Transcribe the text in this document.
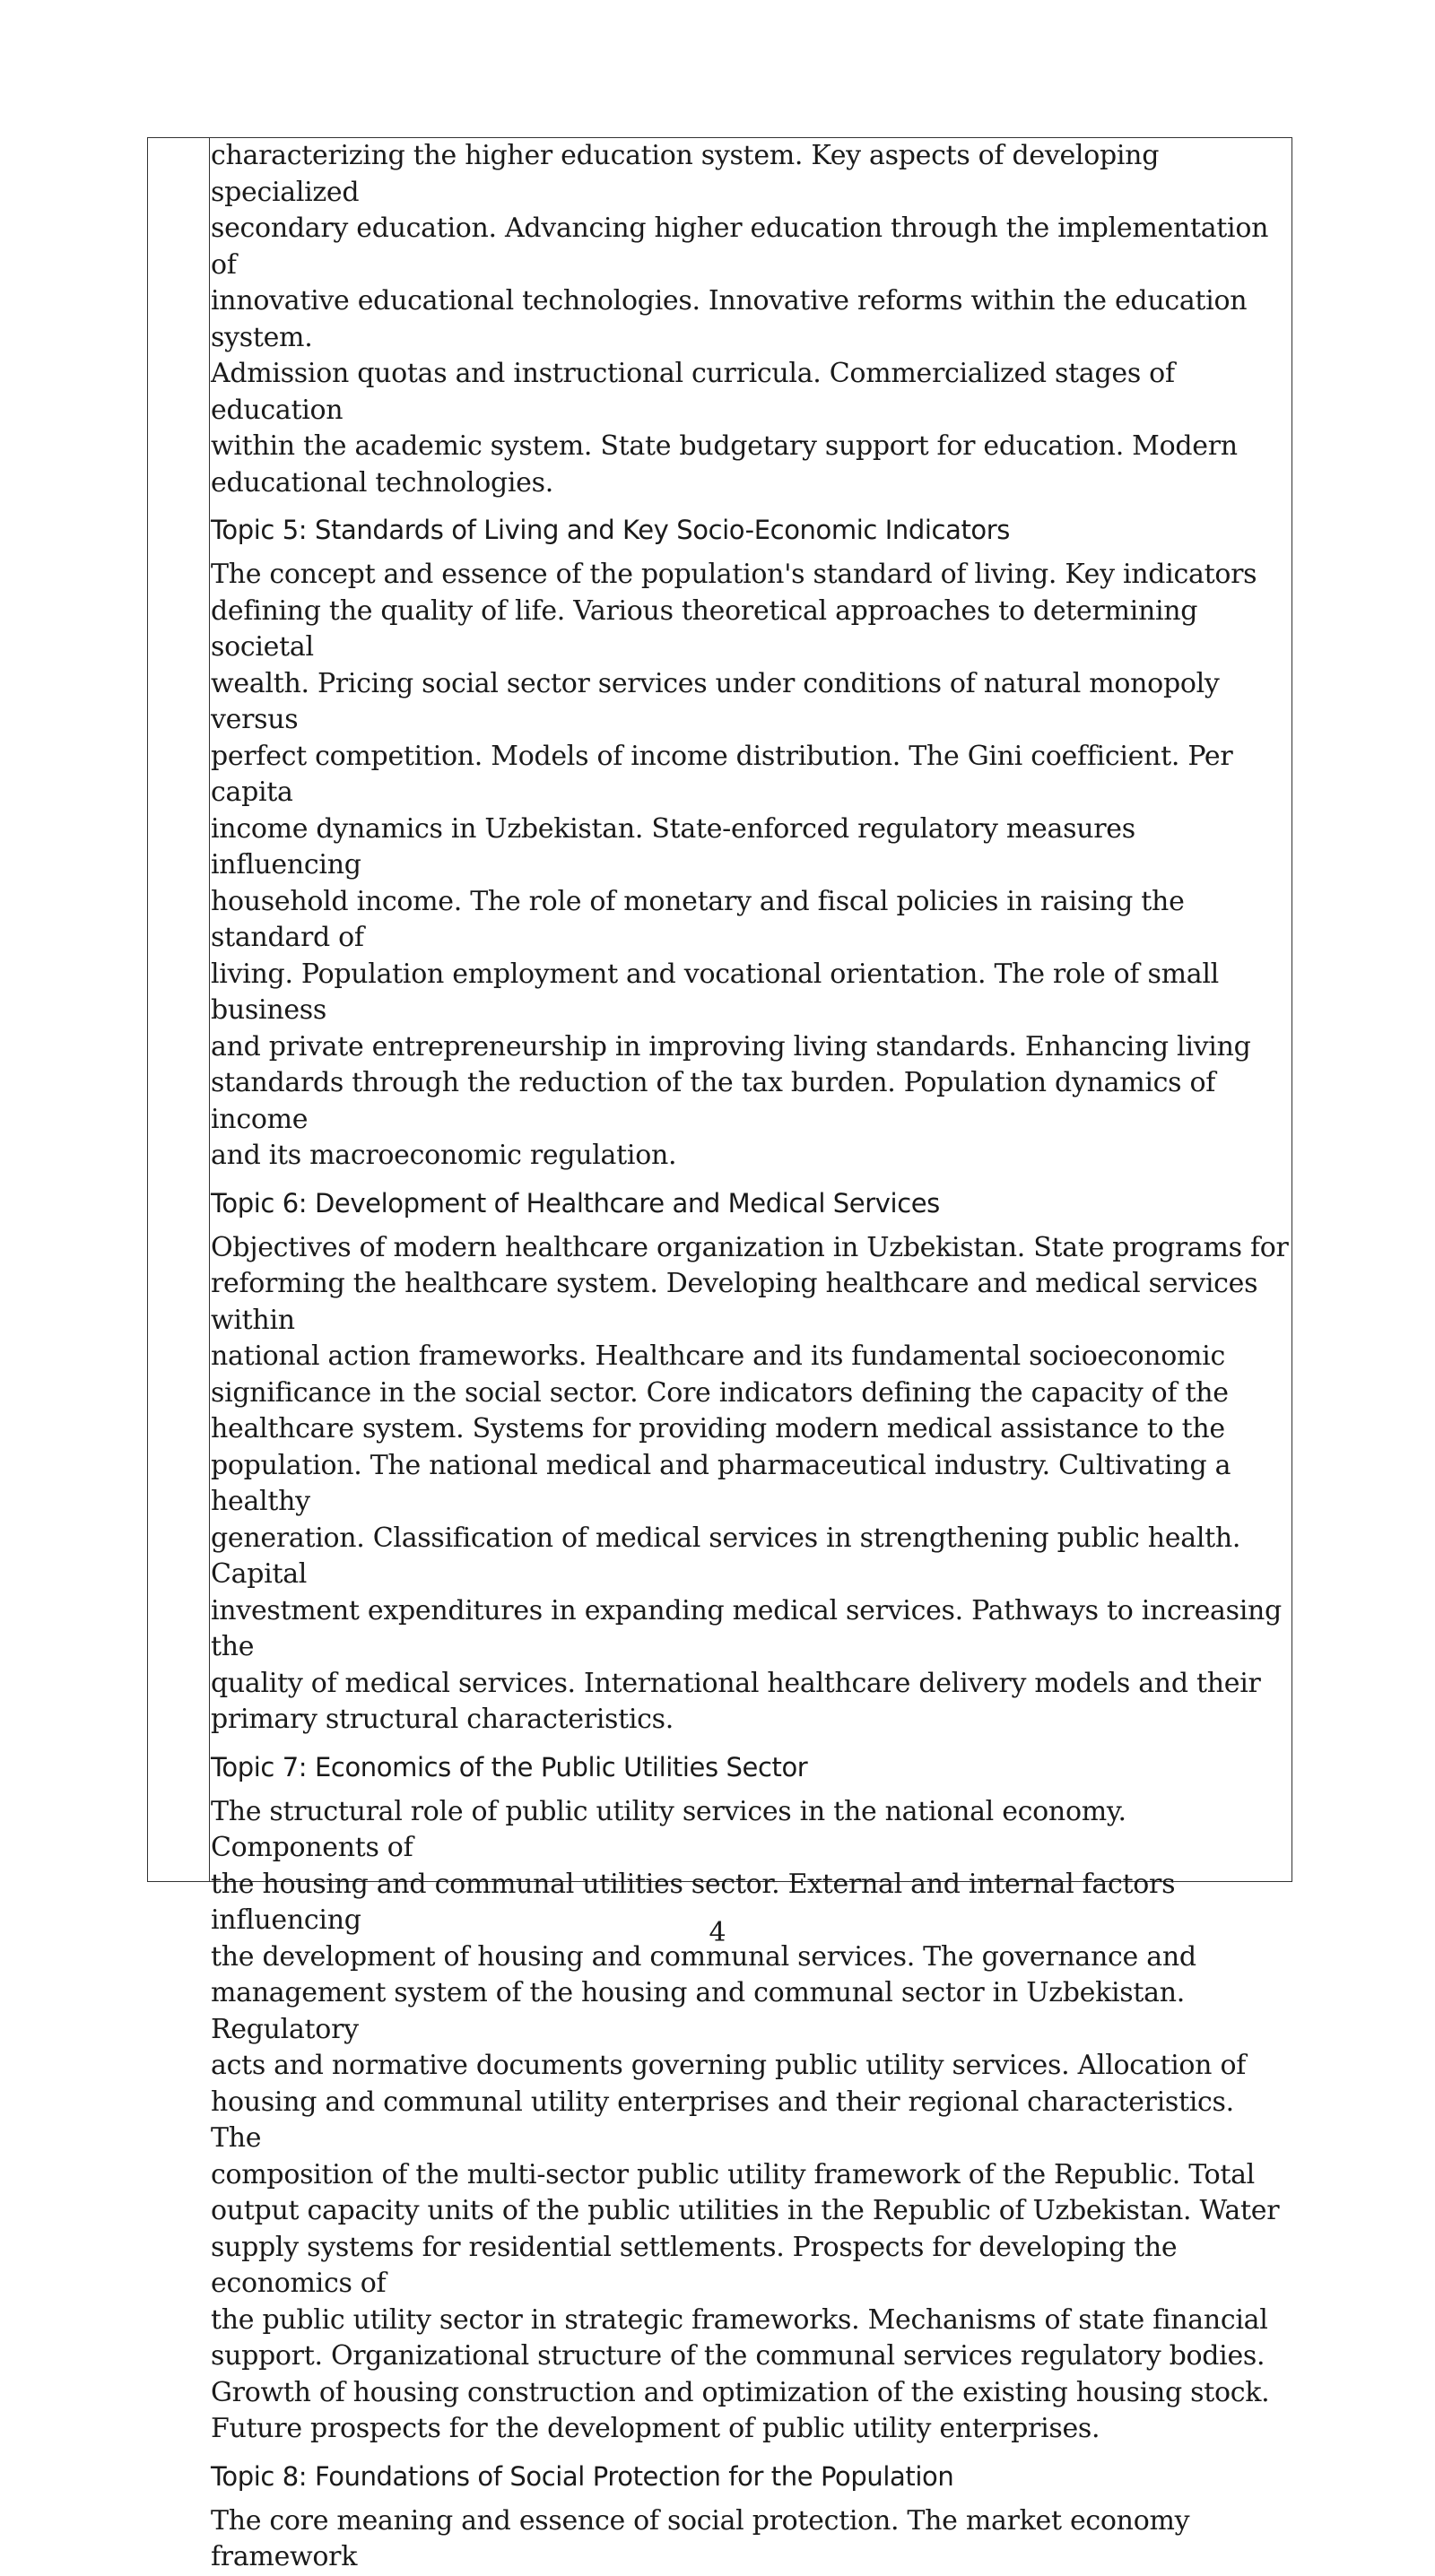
characterizing the higher education system. Key aspects of developing specialized
secondary education. Advancing higher education through the implementation of
innovative educational technologies. Innovative reforms within the education system.
Admission quotas and instructional curricula. Commercialized stages of education
within the academic system. State budgetary support for education. Modern
educational technologies.

Topic 5: Standards of Living and Key Socio-Economic Indicators

The concept and essence of the population's standard of living. Key indicators
defining the quality of life. Various theoretical approaches to determining societal
wealth. Pricing social sector services under conditions of natural monopoly versus
perfect competition. Models of income distribution. The Gini coefficient. Per capita
income dynamics in Uzbekistan. State-enforced regulatory measures influencing
household income. The role of monetary and fiscal policies in raising the standard of
living. Population employment and vocational orientation. The role of small business
and private entrepreneurship in improving living standards. Enhancing living
standards through the reduction of the tax burden. Population dynamics of income
and its macroeconomic regulation.

Topic 6: Development of Healthcare and Medical Services

Objectives of modern healthcare organization in Uzbekistan. State programs for
reforming the healthcare system. Developing healthcare and medical services within
national action frameworks. Healthcare and its fundamental socioeconomic
significance in the social sector. Core indicators defining the capacity of the
healthcare system. Systems for providing modern medical assistance to the
population. The national medical and pharmaceutical industry. Cultivating a healthy
generation. Classification of medical services in strengthening public health. Capital
investment expenditures in expanding medical services. Pathways to increasing the
quality of medical services. International healthcare delivery models and their
primary structural characteristics.

Topic 7: Economics of the Public Utilities Sector

The structural role of public utility services in the national economy. Components of
the housing and communal utilities sector. External and internal factors influencing
the development of housing and communal services. The governance and
management system of the housing and communal sector in Uzbekistan. Regulatory
acts and normative documents governing public utility services. Allocation of
housing and communal utility enterprises and their regional characteristics. The
composition of the multi-sector public utility framework of the Republic. Total
output capacity units of the public utilities in the Republic of Uzbekistan. Water
supply systems for residential settlements. Prospects for developing the economics of
the public utility sector in strategic frameworks. Mechanisms of state financial
support. Organizational structure of the communal services regulatory bodies.
Growth of housing construction and optimization of the existing housing stock.
Future prospects for the development of public utility enterprises.

Topic 8: Foundations of Social Protection for the Population

The core meaning and essence of social protection. The market economy framework

4
